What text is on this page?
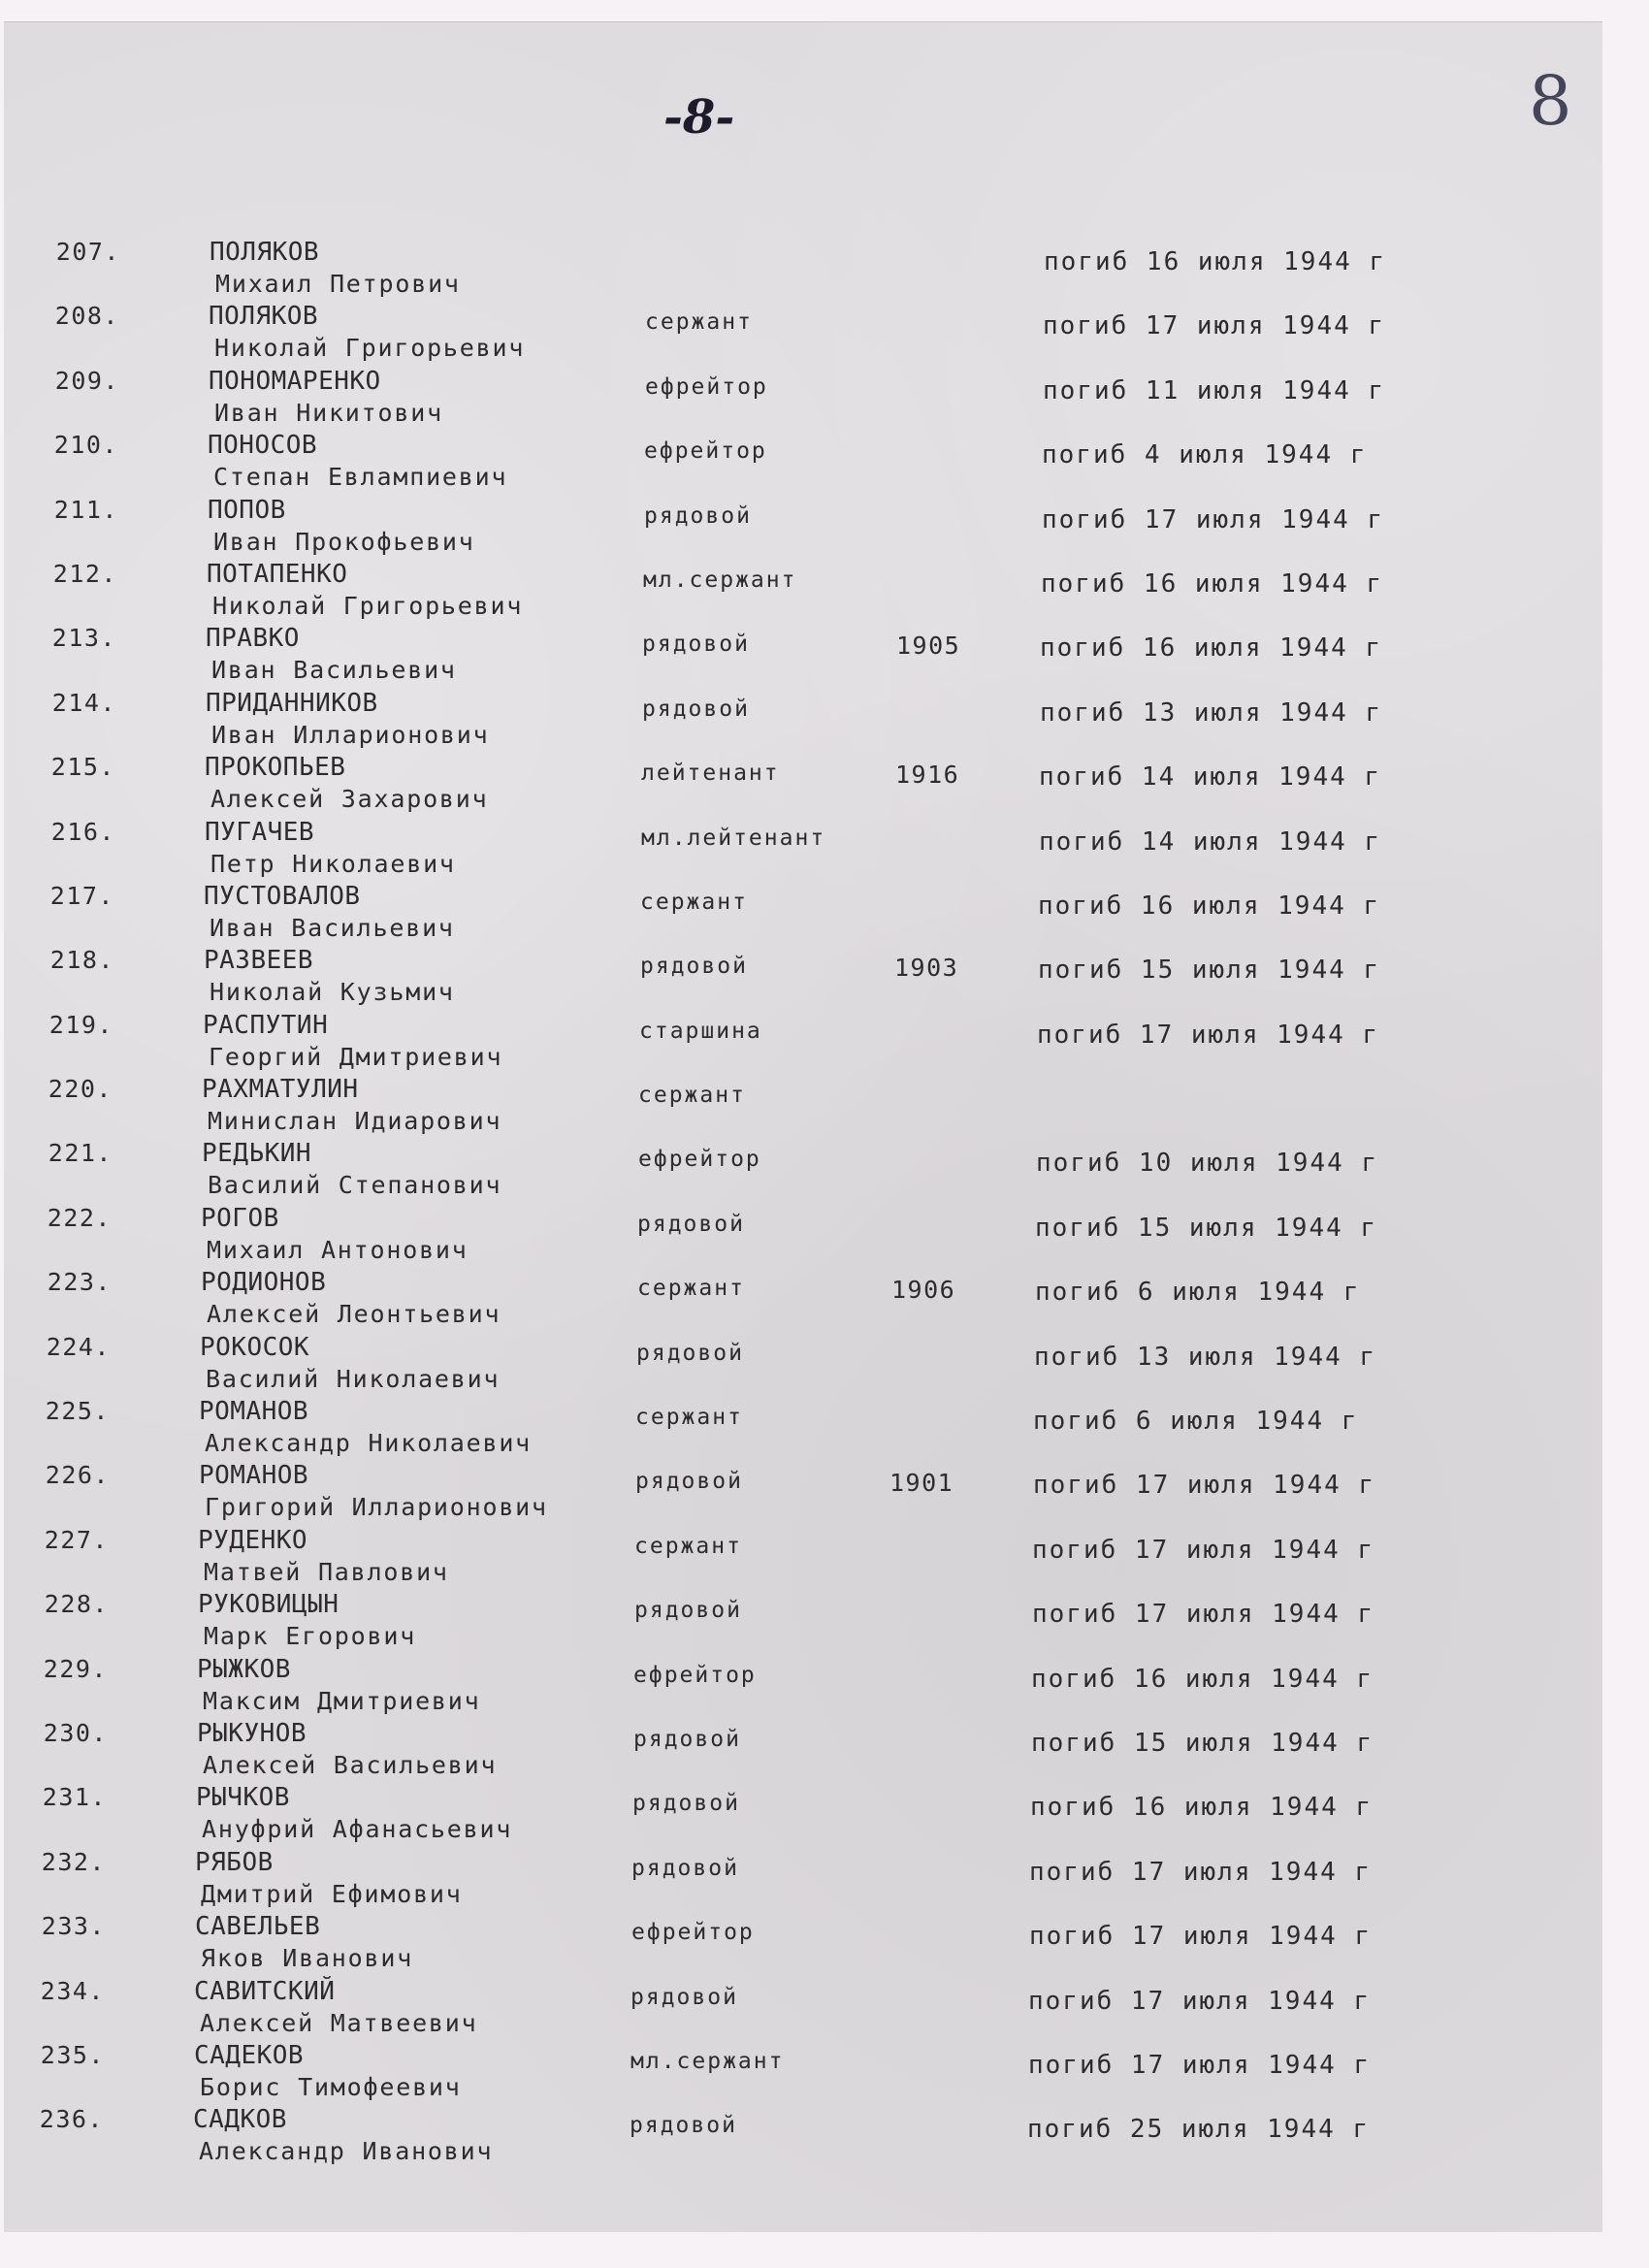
-8-	8
207.	ПОЛЯКОВ
Михаил Петрович
погиб 16 июля 1944 г
208.	ПОЛЯКОВ
Николай Григорьевич
сержант	погиб 17 июля 1944 г
209.	ПОНОМАРЕНКО
Иван Никитович
ефрейтор	погиб 11 июля 1944 г
210.	ПОНОСОВ
Степан Евлампиевич
ефрейтор	погиб 4 июля 1944 г
211.	ПОПОВ
Иван Прокофьевич
рядовой	погиб 17 июля 1944 г
212.	ПОТАПЕНКО
Николай Григорьевич
мл.сержант	погиб 16 июля 1944 г
213.	ПРАВКО
Иван Васильевич
рядовой	1905	погиб 16 июля 1944 г
214.	ПРИДАННИКОВ
Иван Илларионович
рядовой	погиб 13 июля 1944 г
215.	ПРОКОПЬЕВ
Алексей Захарович
лейтенант	1916	погиб 14 июля 1944 г
216.	ПУГАЧЕВ
Петр Николаевич
мл.лейтенант	погиб 14 июля 1944 г
217.	ПУСТОВАЛОВ
Иван Васильевич
сержант	погиб 16 июля 1944 г
218.	РАЗВЕЕВ
Николай Кузьмич
рядовой	1903	погиб 15 июля 1944 г
219.	РАСПУТИН
Георгий Дмитриевич
старшина	погиб 17 июля 1944 г
220.	РАХМАТУЛИН
Минислан Идиарович
сержант
221.	РЕДЬКИН
Василий Степанович
ефрейтор	погиб 10 июля 1944 г
222.	РОГОВ
Михаил Антонович
рядовой	погиб 15 июля 1944 г
223.	РОДИОНОВ
Алексей Леонтьевич
сержант	1906	погиб 6 июля 1944 г
224.	РОКОСОК
Василий Николаевич
рядовой	погиб 13 июля 1944 г
225.	РОМАНОВ
Александр Николаевич
сержант	погиб 6 июля 1944 г
226.	РОМАНОВ
Григорий Илларионович
рядовой	1901	погиб 17 июля 1944 г
227.	РУДЕНКО
Матвей Павлович
сержант	погиб 17 июля 1944 г
228.	РУКОВИЦЫН
Марк Егорович
рядовой	погиб 17 июля 1944 г
229.	РЫЖКОВ
Максим Дмитриевич
ефрейтор	погиб 16 июля 1944 г
230.	РЫКУНОВ
Алексей Васильевич
рядовой	погиб 15 июля 1944 г
231.	РЫЧКОВ
Ануфрий Афанасьевич
рядовой	погиб 16 июля 1944 г
232.	РЯБОВ
Дмитрий Ефимович
рядовой	погиб 17 июля 1944 г
233.	САВЕЛЬЕВ
Яков Иванович
ефрейтор	погиб 17 июля 1944 г
234.	САВИТСКИЙ
Алексей Матвеевич
рядовой	погиб 17 июля 1944 г
235.	САДЕКОВ
Борис Тимофеевич
мл.сержант	погиб 17 июля 1944 г
236.	САДКОВ
Александр Иванович
рядовой	погиб 25 июля 1944 г
